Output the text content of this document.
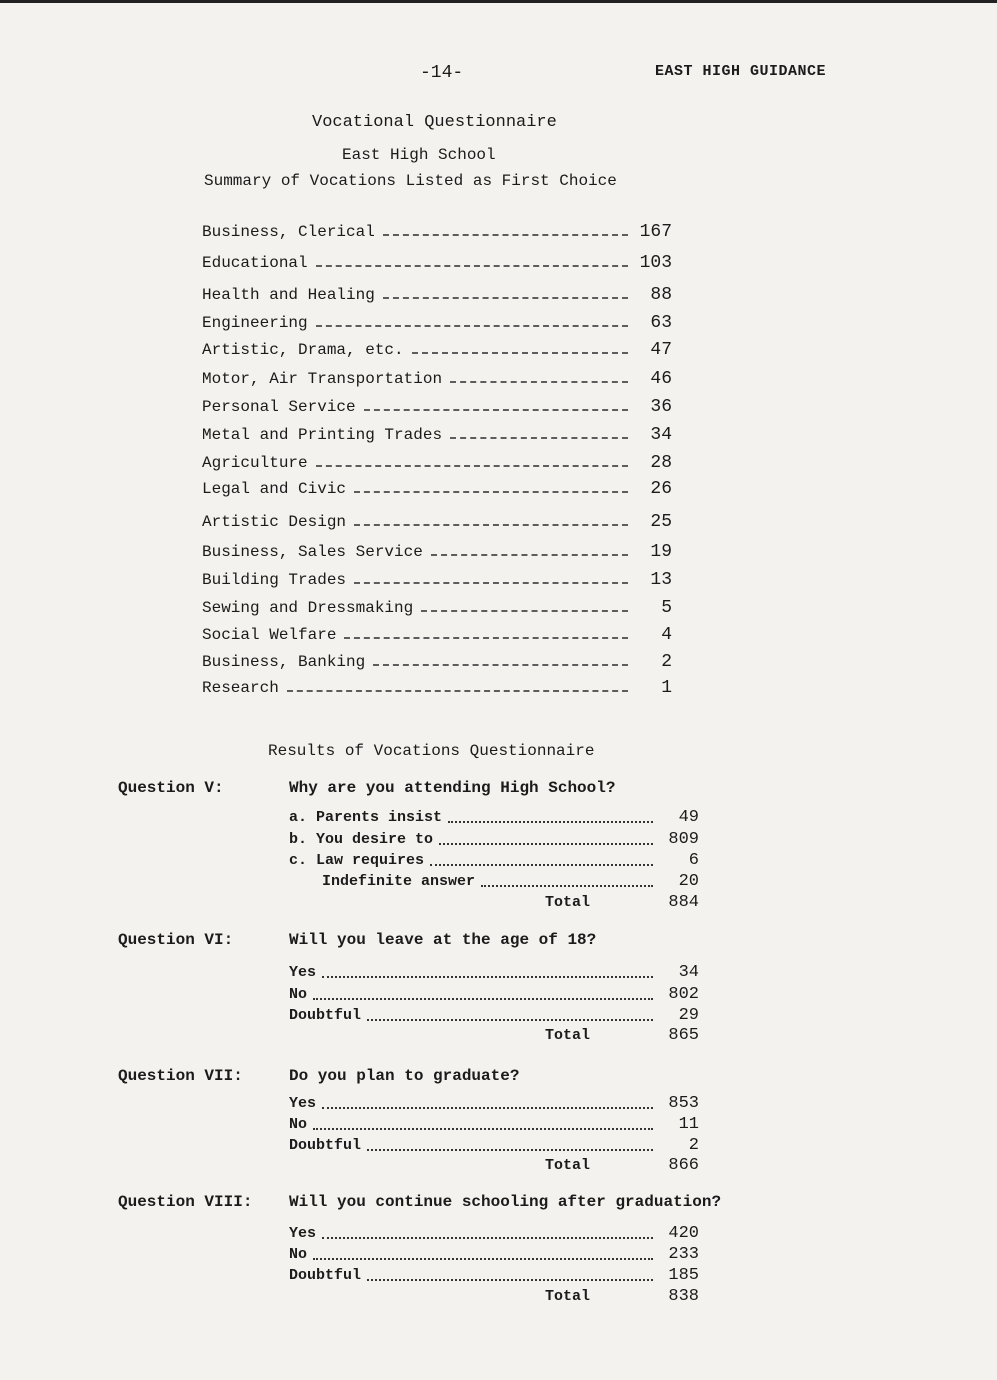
-14-	EAST HIGH GUIDANCE
Vocational Questionnaire
East High School
Summary of Vocations Listed as First Choice
Business, Clerical	167
Educational	103
Health and Healing	88
Engineering	63
Artistic, Drama, etc.	47
Motor, Air Transportation	46
Personal Service	36
Metal and Printing Trades	34
Agriculture	28
Legal and Civic	26
Artistic Design	25
Business, Sales Service	19
Building Trades	13
Sewing and Dressmaking	5
Social Welfare	4
Business, Banking	2
Research	1
Results of Vocations Questionnaire
Question V:	Why are you attending High School?
a. Parents insist	49
b. You desire to	809
c. Law requires	6
Indefinite answer	20
Total	884
Question VI:	Will you leave at the age of 18?
Yes	34
No	802
Doubtful	29
Total	865
Question VII:	Do you plan to graduate?
Yes	853
No	11
Doubtful	2
Total	866
Question VIII: Will you continue schooling after graduation?
Yes	420
No	233
Doubtful	185
Total	838
